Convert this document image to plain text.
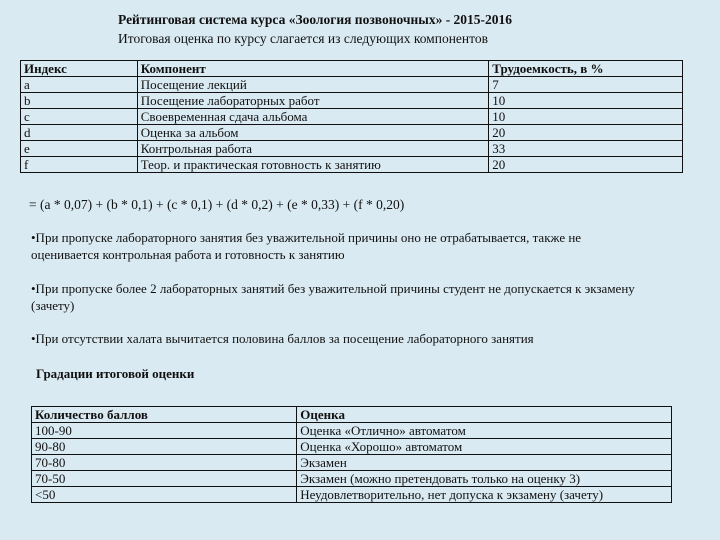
Рейтинговая система курса «Зоология позвоночных» - 2015-2016
Итоговая оценка по курсу слагается из следующих компонентов
Индекс	Компонент	Трудоемкость, в %
a	Посещение лекций	7
b	Посещение лабораторных работ	10
c	Своевременная сдача альбома	10
d	Оценка за альбом	20
e	Контрольная работа	33
f	Теор. и практическая готовность к занятию	20
= (a * 0,07) + (b * 0,1) + (c * 0,1) + (d * 0,2) + (e * 0,33) + (f * 0,20)
•При пропуске лабораторного занятия без уважительной причины оно не отрабатывается, также не оценивается контрольная работа и готовность к занятию
•При пропуске более 2 лабораторных занятий без уважительной причины студент не допускается к экзамену (зачету)
•При отсутствии халата вычитается половина баллов за посещение лабораторного занятия
Градации итоговой оценки
Количество баллов	Оценка
100-90	Оценка «Отлично» автоматом
90-80	Оценка «Хорошо» автоматом
70-80	Экзамен
70-50	Экзамен (можно претендовать только на оценку 3)
<50	Неудовлетворительно, нет допуска к экзамену (зачету)
